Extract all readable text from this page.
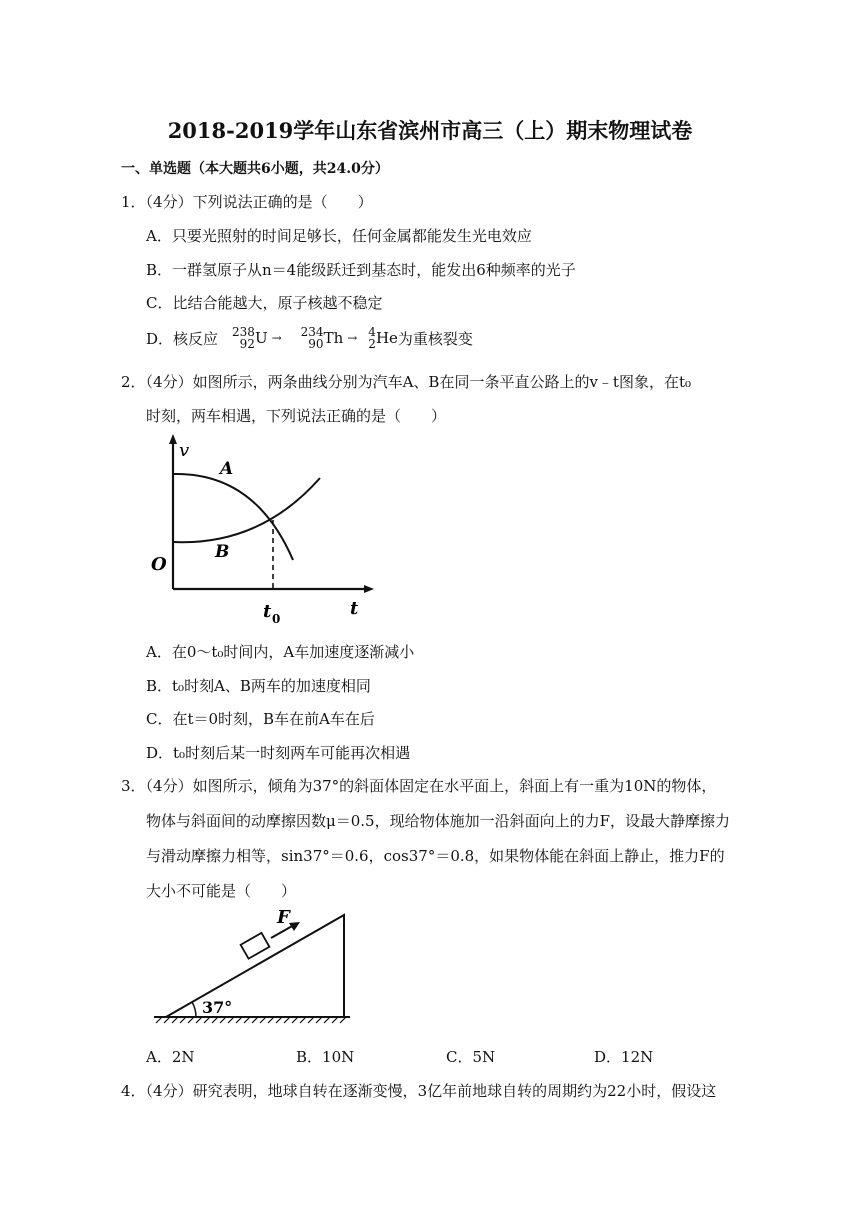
2018-2019学年山东省滨州市高三（上）期末物理试卷
一、单选题（本大题共6小题，共24.0分）
1．（4分）下列说法正确的是（　　）
A．只要光照射的时间足够长，任何金属都能发生光电效应
B．一群氢原子从n＝4能级跃迁到基态时，能发出6种频率的光子
C．比结合能越大，原子核越不稳定
D．核反应 238
92 U → 234
90 Th → 4
2 He 为重核裂变
2．（4分）如图所示，两条曲线分别为汽车A、B在同一条平直公路上的v﹣t图象，在t₀
时刻，两车相遇，下列说法正确的是（　　）
v
A
B
O
t 0	t
A．在0～t₀时间内，A车加速度逐渐减小
B．t₀时刻A、B两车的加速度相同
C．在t＝0时刻，B车在前A车在后
D．t₀时刻后某一时刻两车可能再次相遇
3．（4分）如图所示，倾角为37°的斜面体固定在水平面上，斜面上有一重为10N的物体，
物体与斜面间的动摩擦因数μ＝0.5，现给物体施加一沿斜面向上的力F，设最大静摩擦力
与滑动摩擦力相等，sin37°＝0.6，cos37°＝0.8，如果物体能在斜面上静止，推力F的
大小不可能是（　　）
37°
F
A．2N	B．10N	C．5N	D．12N
4．（4分）研究表明，地球自转在逐渐变慢，3亿年前地球自转的周期约为22小时，假设这
